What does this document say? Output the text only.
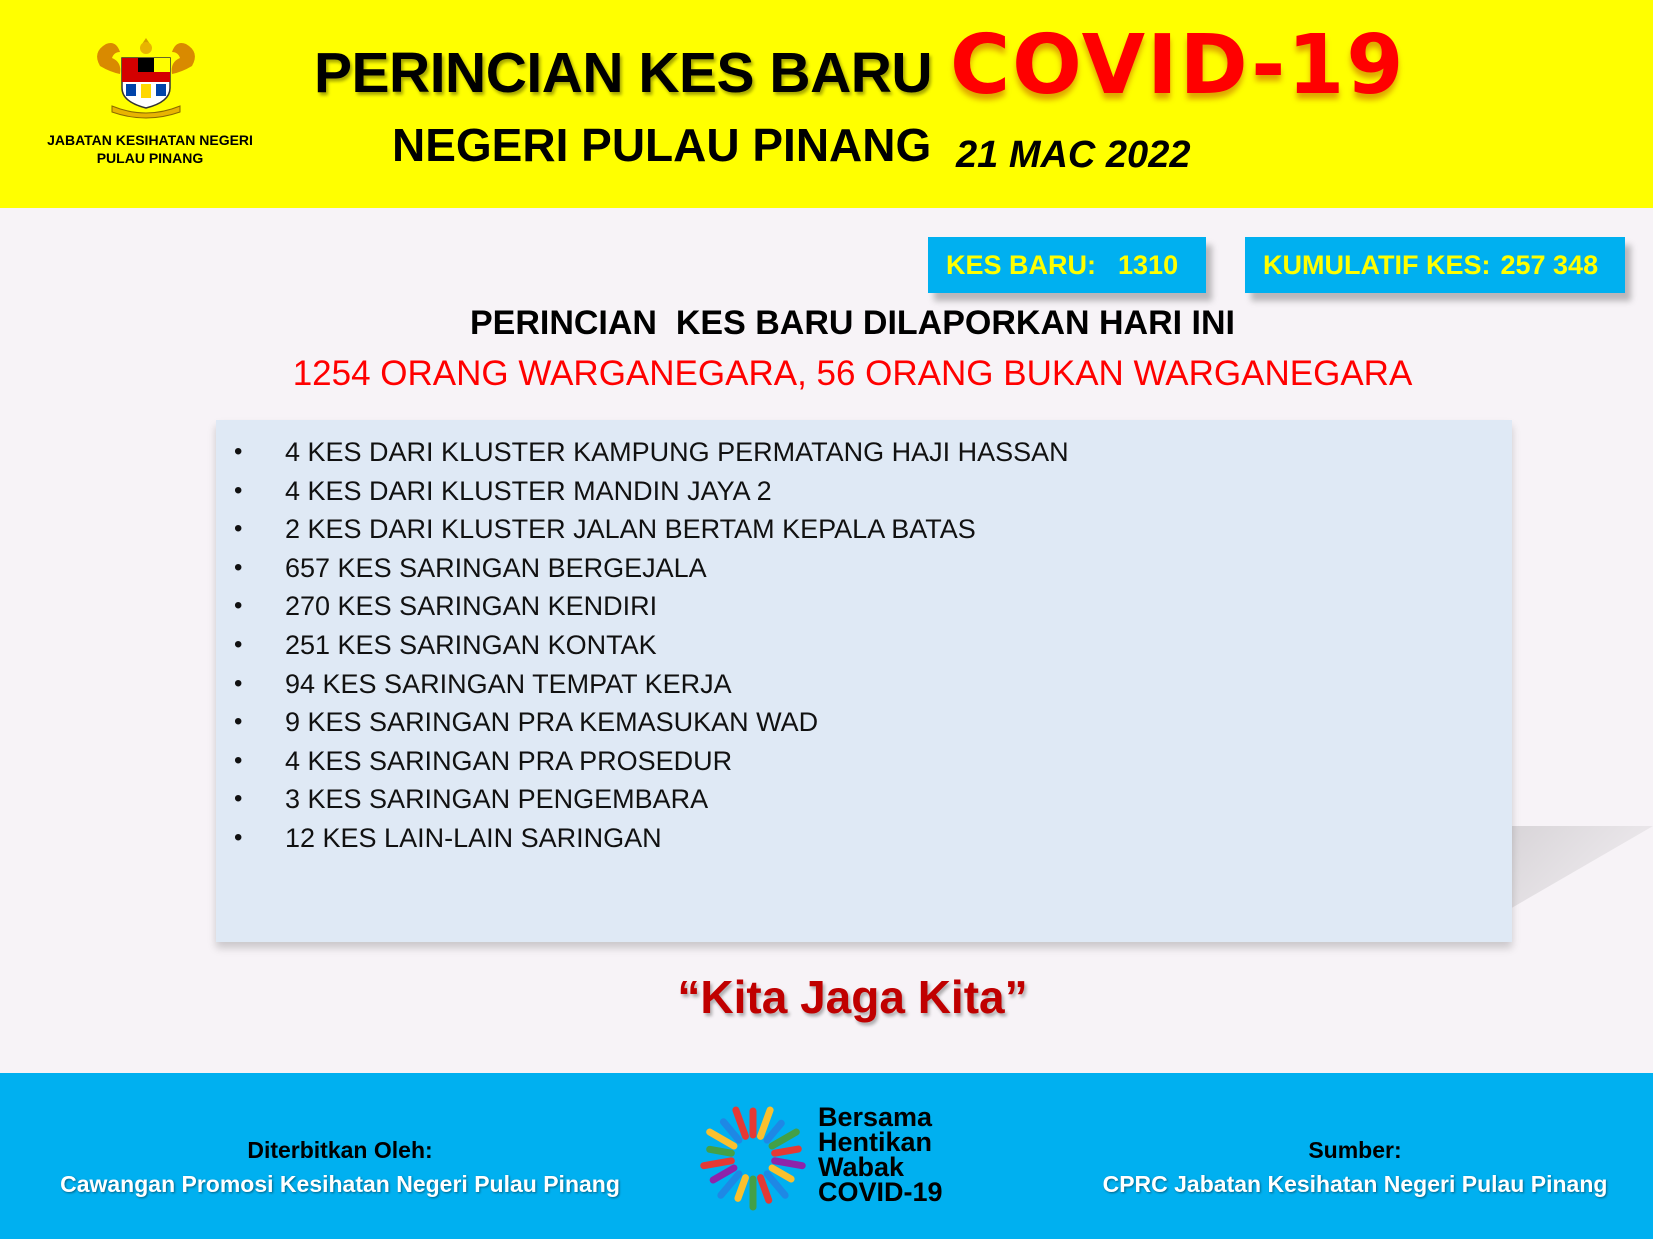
JABATAN KESIHATAN NEGERI
PULAU PINANG
PERINCIAN KES BARU COVID-19
NEGERI PULAU PINANG 21 MAC 2022
KES BARU: 1310	KUMULATIF KES: 257 348
PERINCIAN  KES BARU DILAPORKAN HARI INI
1254 ORANG WARGANEGARA, 56 ORANG BUKAN WARGANEGARA
• 4 KES DARI KLUSTER KAMPUNG PERMATANG HAJI HASSAN
• 4 KES DARI KLUSTER MANDIN JAYA 2
• 2 KES DARI KLUSTER JALAN BERTAM KEPALA BATAS
• 657 KES SARINGAN BERGEJALA
• 270 KES SARINGAN KENDIRI
• 251 KES SARINGAN KONTAK
• 94 KES SARINGAN TEMPAT KERJA
• 9 KES SARINGAN PRA KEMASUKAN WAD
• 4 KES SARINGAN PRA PROSEDUR
• 3 KES SARINGAN PENGEMBARA
• 12 KES LAIN-LAIN SARINGAN
“Kita Jaga Kita”
Diterbitkan Oleh:
Cawangan Promosi Kesihatan Negeri Pulau Pinang
Bersama
Hentikan
Wabak
COVID-19
Sumber:
CPRC Jabatan Kesihatan Negeri Pulau Pinang
